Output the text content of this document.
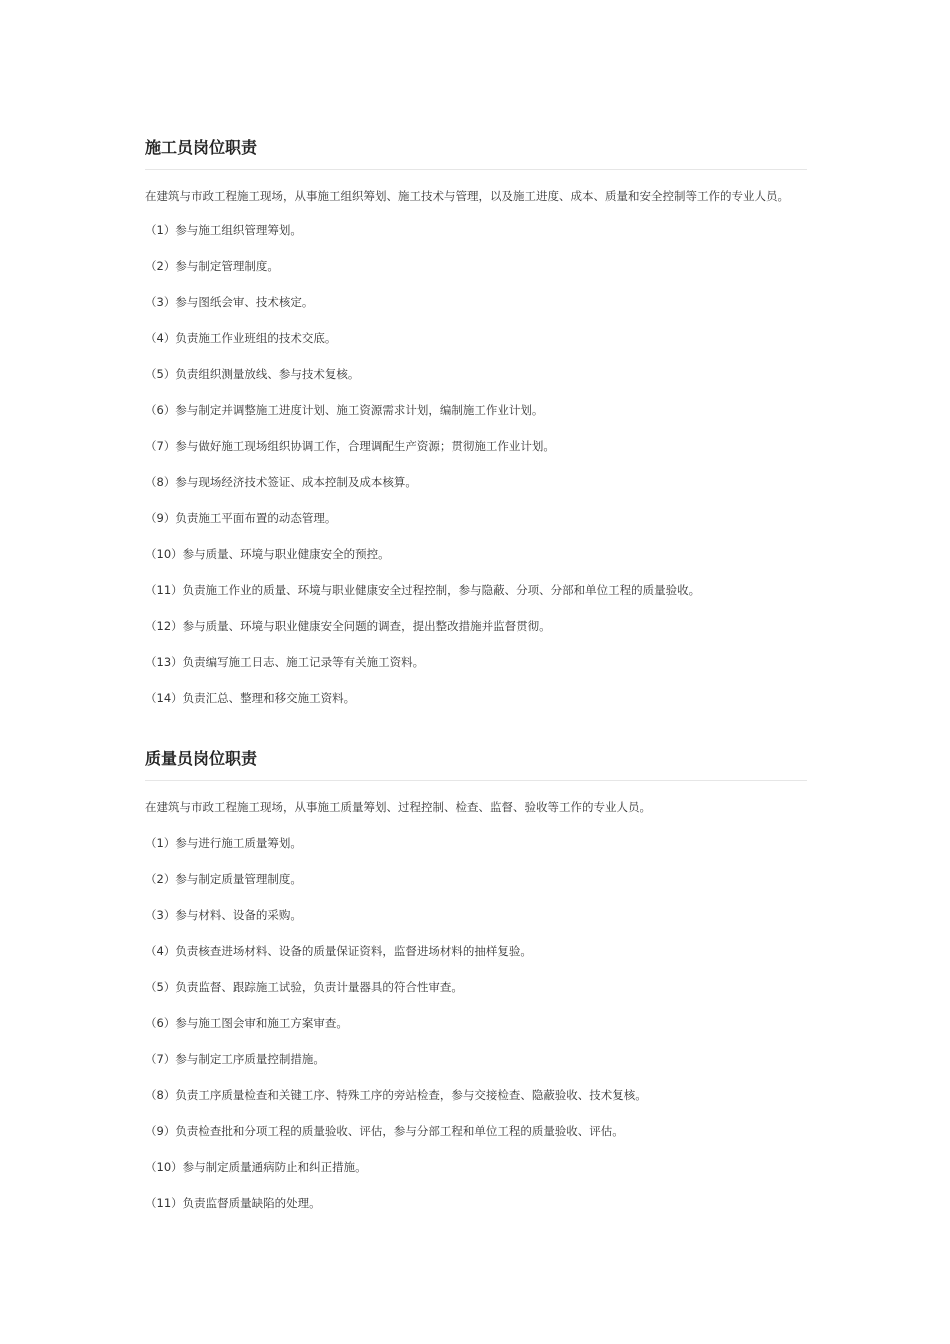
施工员岗位职责

在建筑与市政工程施工现场，从事施工组织筹划、施工技术与管理，以及施工进度、成本、质量和安全控制等工作的专业人员。

（1）参与施工组织管理筹划。
（2）参与制定管理制度。
（3）参与图纸会审、技术核定。
（4）负责施工作业班组的技术交底。
（5）负责组织测量放线、参与技术复核。
（6）参与制定并调整施工进度计划、施工资源需求计划，编制施工作业计划。
（7）参与做好施工现场组织协调工作，合理调配生产资源；贯彻施工作业计划。
（8）参与现场经济技术签证、成本控制及成本核算。
（9）负责施工平面布置的动态管理。
（10）参与质量、环境与职业健康安全的预控。
（11）负责施工作业的质量、环境与职业健康安全过程控制，参与隐蔽、分项、分部和单位工程的质量验收。
（12）参与质量、环境与职业健康安全问题的调查，提出整改措施并监督贯彻。
（13）负责编写施工日志、施工记录等有关施工资料。
（14）负责汇总、整理和移交施工资料。
质量员岗位职责

在建筑与市政工程施工现场，从事施工质量筹划、过程控制、检查、监督、验收等工作的专业人员。

（1）参与进行施工质量筹划。
（2）参与制定质量管理制度。
（3）参与材料、设备的采购。
（4）负责核查进场材料、设备的质量保证资料，监督进场材料的抽样复验。
（5）负责监督、跟踪施工试验，负责计量器具的符合性审查。
（6）参与施工图会审和施工方案审查。
（7）参与制定工序质量控制措施。
（8）负责工序质量检查和关键工序、特殊工序的旁站检查，参与交接检查、隐蔽验收、技术复核。
（9）负责检查批和分项工程的质量验收、评估，参与分部工程和单位工程的质量验收、评估。
（10）参与制定质量通病防止和纠正措施。
（11）负责监督质量缺陷的处理。
